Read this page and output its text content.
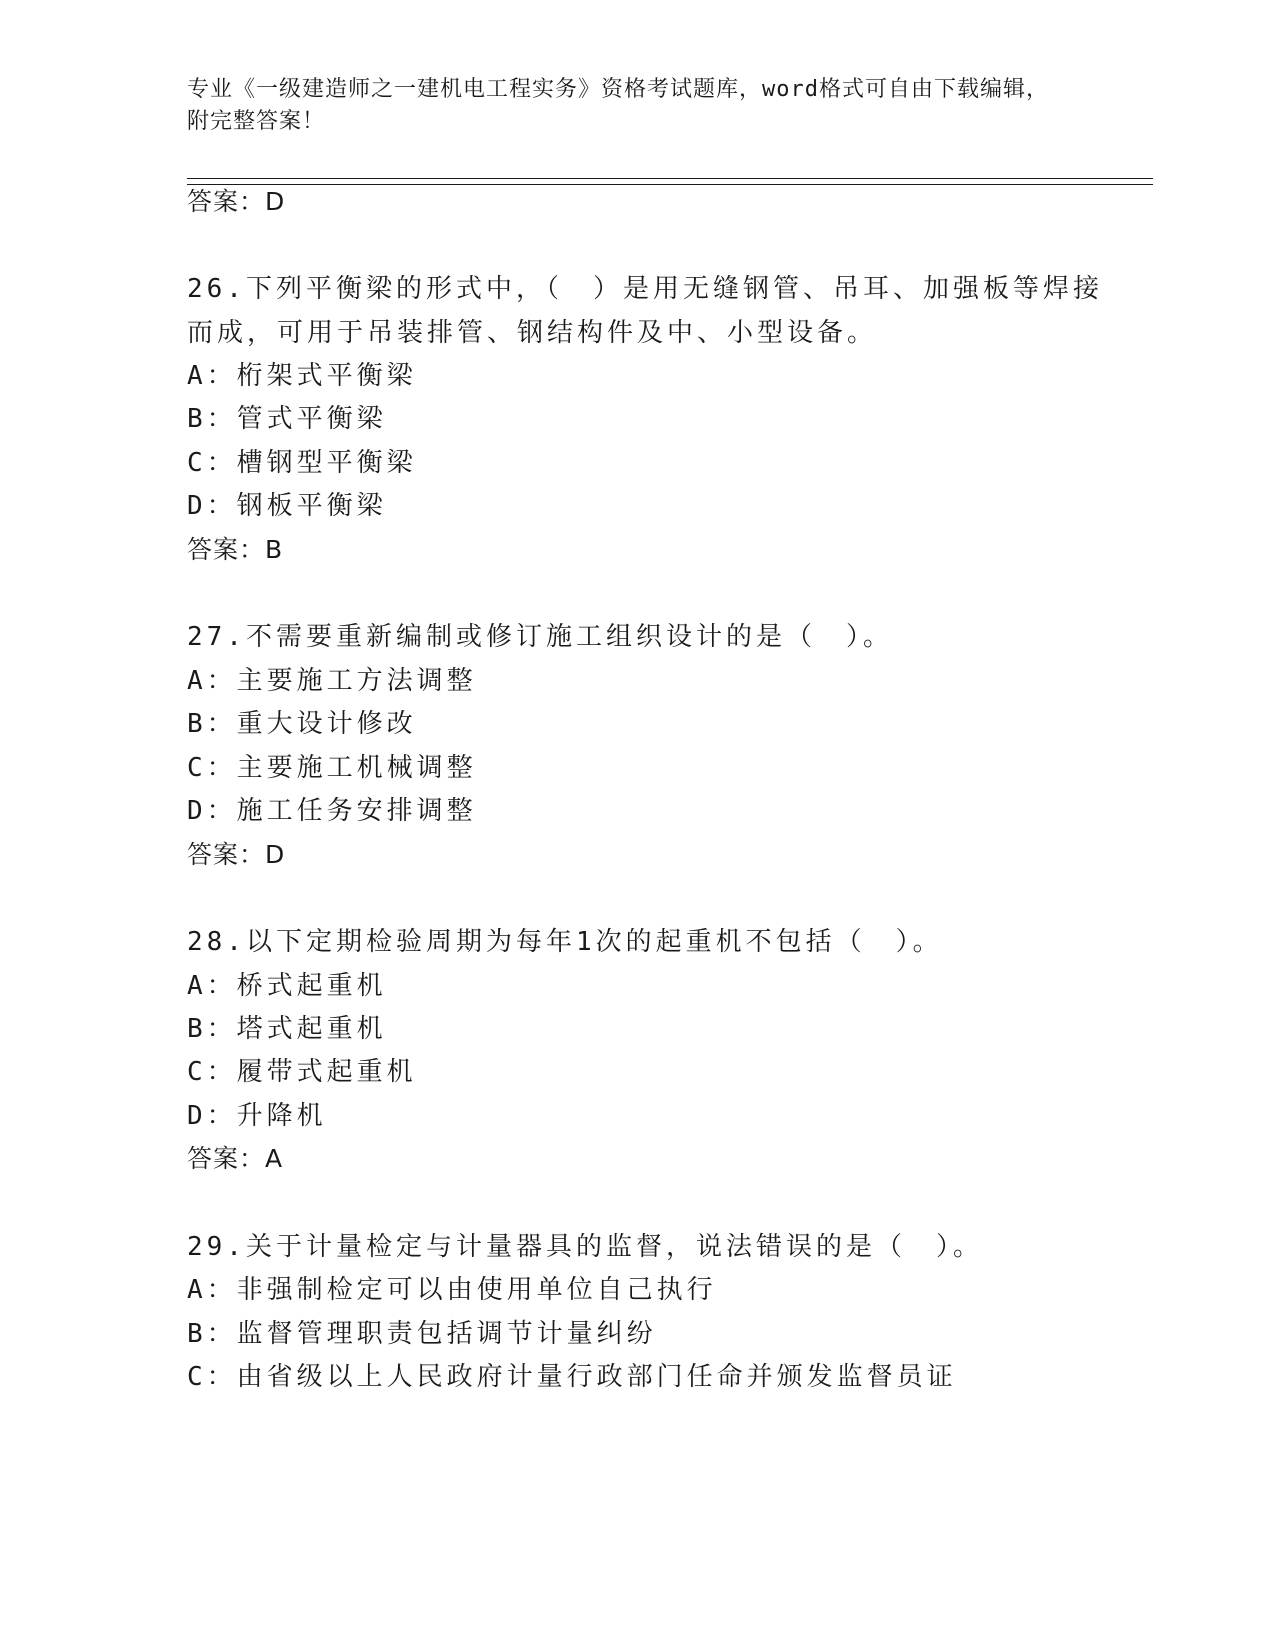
专业《一级建造师之一建机电工程实务》资格考试题库，word格式可自由下载编辑，附完整答案！
答案：D
26.下列平衡梁的形式中，（　）是用无缝钢管、吊耳、加强板等焊接
而成，可用于吊装排管、钢结构件及中、小型设备。
A：桁架式平衡梁
B：管式平衡梁
C：槽钢型平衡梁
D：钢板平衡梁
答案：B
27.不需要重新编制或修订施工组织设计的是（　）。
A：主要施工方法调整
B：重大设计修改
C：主要施工机械调整
D：施工任务安排调整
答案：D
28.以下定期检验周期为每年1次的起重机不包括（　）。
A：桥式起重机
B：塔式起重机
C：履带式起重机
D：升降机
答案：A
29.关于计量检定与计量器具的监督，说法错误的是（　）。
A：非强制检定可以由使用单位自己执行
B：监督管理职责包括调节计量纠纷
C：由省级以上人民政府计量行政部门任命并颁发监督员证
